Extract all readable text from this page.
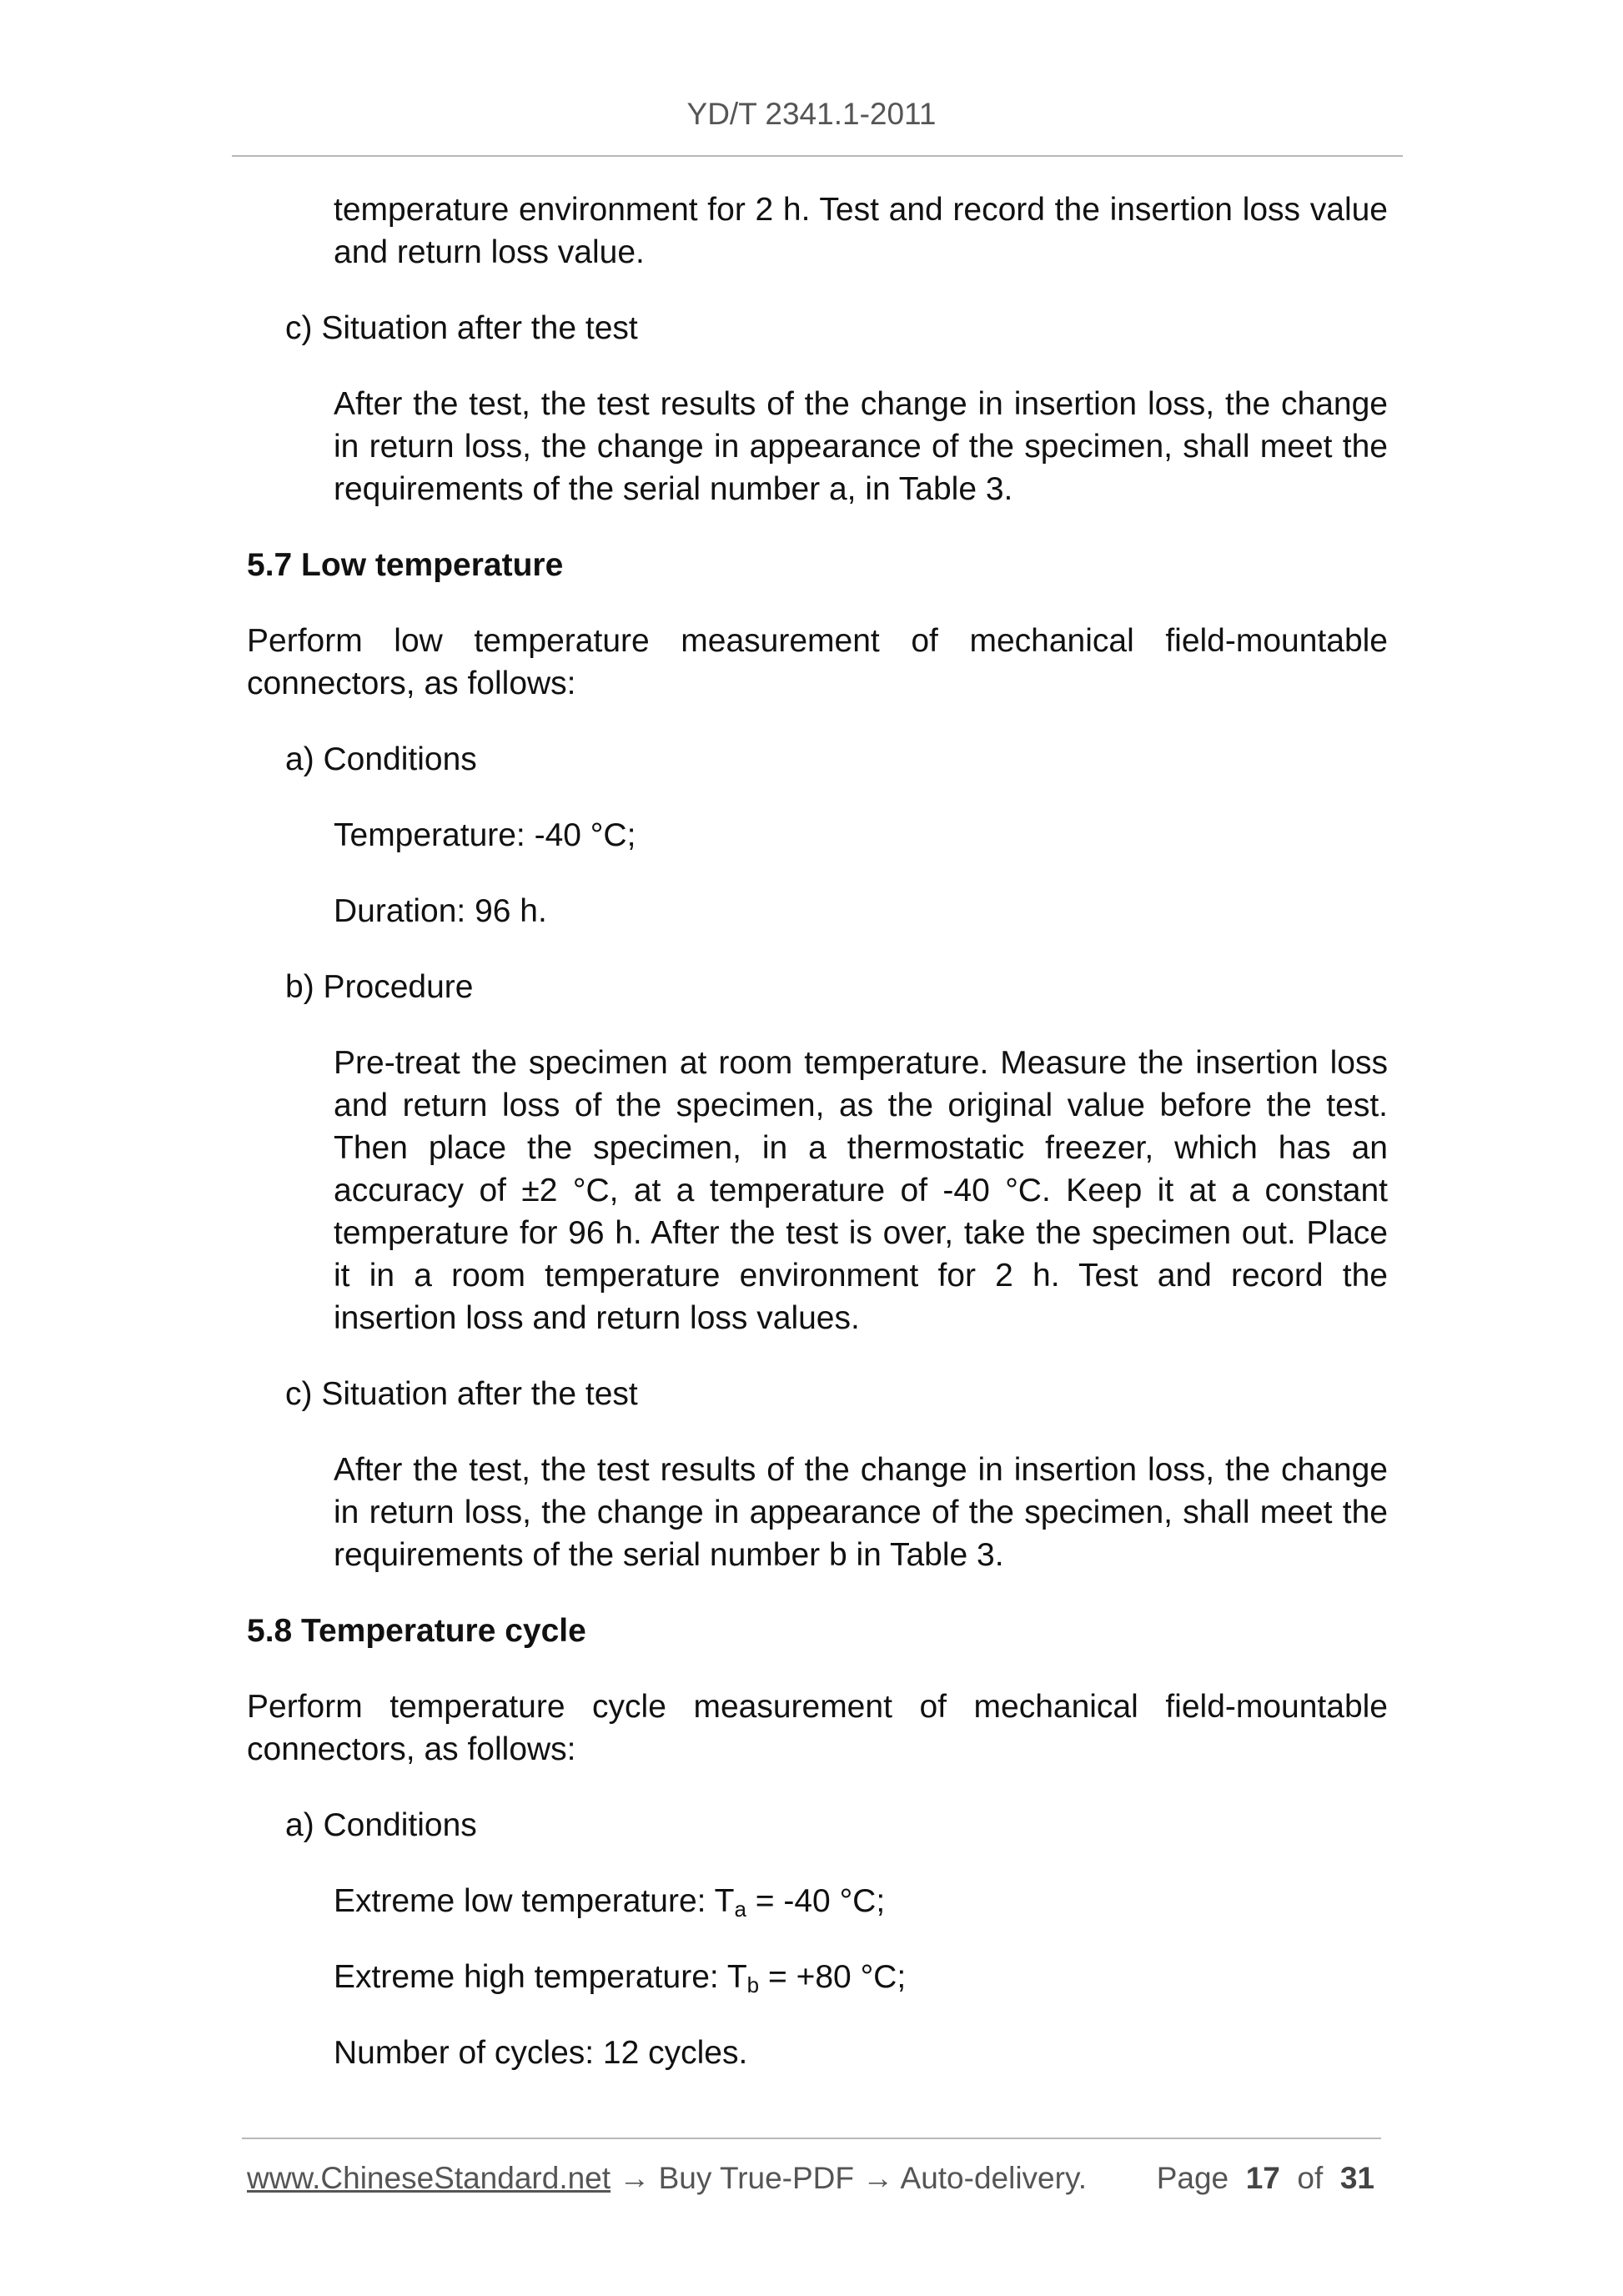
YD/T 2341.1-2011

temperature environment for 2 h. Test and record the insertion loss value and return loss value.

c) Situation after the test

After the test, the test results of the change in insertion loss, the change in return loss, the change in appearance of the specimen, shall meet the requirements of the serial number a, in Table 3.

5.7 Low temperature

Perform low temperature measurement of mechanical field-mountable connectors, as follows:

a) Conditions

Temperature: -40 °C;

Duration: 96 h.

b) Procedure

Pre-treat the specimen at room temperature. Measure the insertion loss and return loss of the specimen, as the original value before the test. Then place the specimen, in a thermostatic freezer, which has an accuracy of ±2 °C, at a temperature of -40 °C. Keep it at a constant temperature for 96 h. After the test is over, take the specimen out. Place it in a room temperature environment for 2 h. Test and record the insertion loss and return loss values.

c) Situation after the test

After the test, the test results of the change in insertion loss, the change in return loss, the change in appearance of the specimen, shall meet the requirements of the serial number b in Table 3.

5.8 Temperature cycle

Perform temperature cycle measurement of mechanical field-mountable connectors, as follows:

a) Conditions

Extreme low temperature: $T_a = -40$ °C;

Extreme high temperature: $T_b = +80$ °C;

Number of cycles: 12 cycles.

www.ChineseStandard.net → Buy True-PDF → Auto-delivery. Page 17 of 31
